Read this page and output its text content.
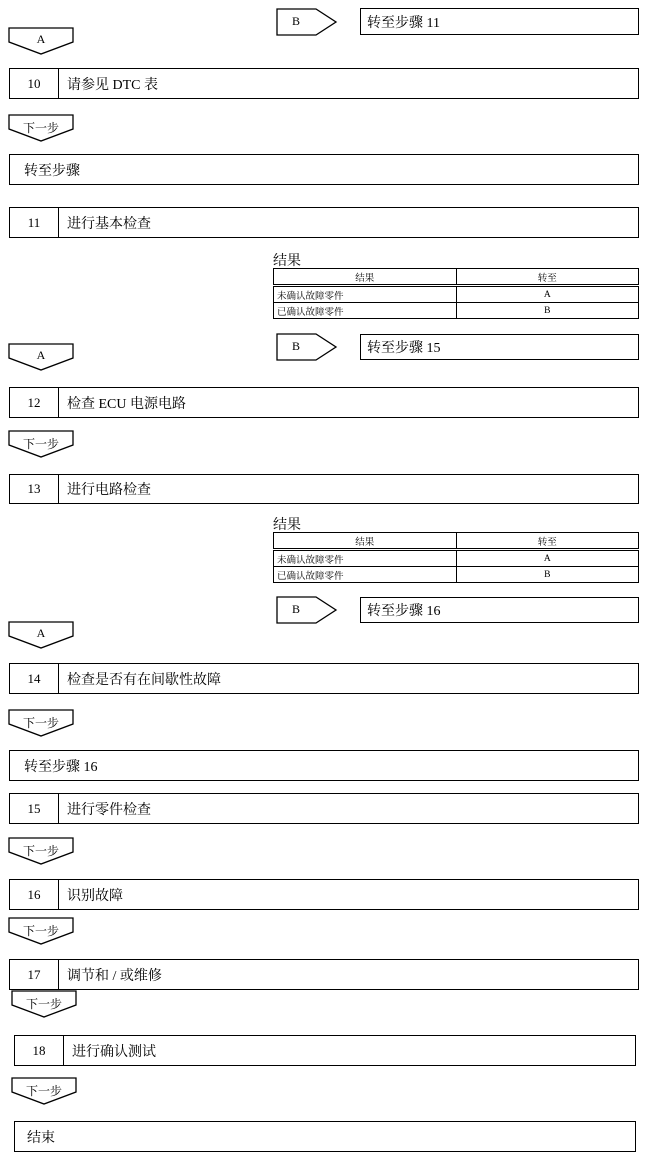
B	转至步骤 11
A
10	请参见 DTC 表
下一步
转至步骤
11	进行基本检查
结果
结果	转至
未确认故障零件	A
已确认故障零件	B
B	转至步骤 15
A
12	检查 ECU 电源电路
下一步
13	进行电路检查
结果
结果	转至
未确认故障零件	A
已确认故障零件	B
B	转至步骤 16
A
14	检查是否有在间歇性故障
下一步
转至步骤 16
15	进行零件检查
下一步
16	识别故障
下一步
17	调节和 / 或维修
下一步
18	进行确认测试
下一步
结束
